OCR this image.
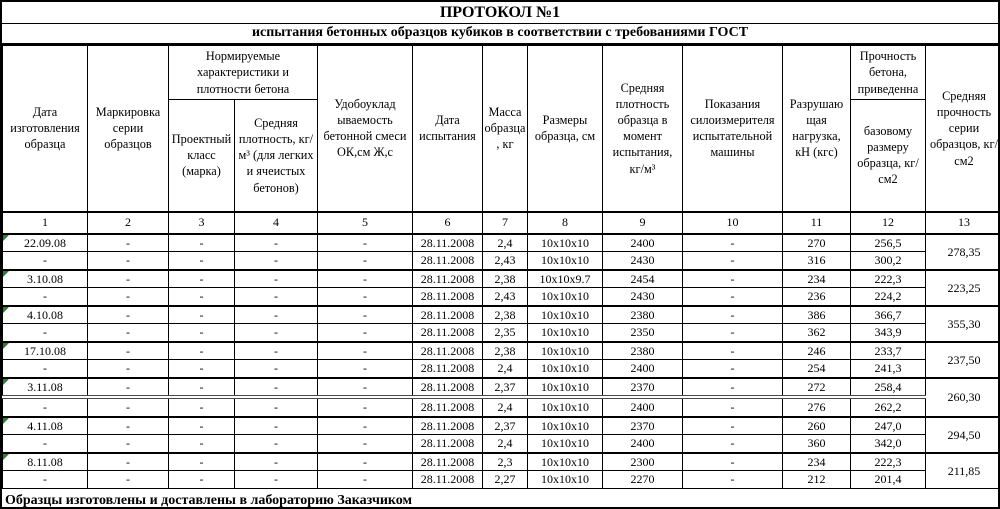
ПРОТОКОЛ №1
испытания бетонных образцов кубиков в соответствии с требованиями ГОСТ
Дата изготовления образца	Маркировка серии образцов	Нормируемые характеристики и плотности бетона		Удобоуклад ываемость бетонной смеси ОК,см Ж,с	Дата испытания	Масса образца, кг	Размеры образца, см	Средняя плотность образца в момент испытания, кг/м³	Показания силоизмерителя испытательной машины	Разрушаю щая нагрузка, кН (кгс)	Прочность бетона, приведенна	Средняя прочность серии образцов, кг/см2
		Проектный класс (марка)	Средняя плотность, кг/м³ (для легких и ячеистых бетонов)								базовому размеру образца, кг/см2	
1	2	3	4	5	6	7	8	9	10	11	12	13
22.09.08	-	-	-	-	28.11.2008	2,4	10x10x10	2400	-	270	256,5	278,35
-	-	-	-	-	28.11.2008	2,43	10x10x10	2430	-	316	300,2	
3.10.08	-	-	-	-	28.11.2008	2,38	10x10x9.7	2454	-	234	222,3	223,25
-	-	-	-	-	28.11.2008	2,43	10x10x10	2430	-	236	224,2	
4.10.08	-	-	-	-	28.11.2008	2,38	10x10x10	2380	-	386	366,7	355,30
-	-	-	-	-	28.11.2008	2,35	10x10x10	2350	-	362	343,9	
17.10.08	-	-	-	-	28.11.2008	2,38	10x10x10	2380	-	246	233,7	237,50
-	-	-	-	-	28.11.2008	2,4	10x10x10	2400	-	254	241,3	
3.11.08	-	-	-	-	28.11.2008	2,37	10x10x10	2370	-	272	258,4	260,30
-	-	-	-	-	28.11.2008	2,4	10x10x10	2400	-	276	262,2	
4.11.08	-	-	-	-	28.11.2008	2,37	10x10x10	2370	-	260	247,0	294,50
-	-	-	-	-	28.11.2008	2,4	10x10x10	2400	-	360	342,0	
8.11.08	-	-	-	-	28.11.2008	2,3	10x10x10	2300	-	234	222,3	211,85
-	-	-	-	-	28.11.2008	2,27	10x10x10	2270	-	212	201,4	
Образцы изготовлены и доставлены в лабораторию Заказчиком
